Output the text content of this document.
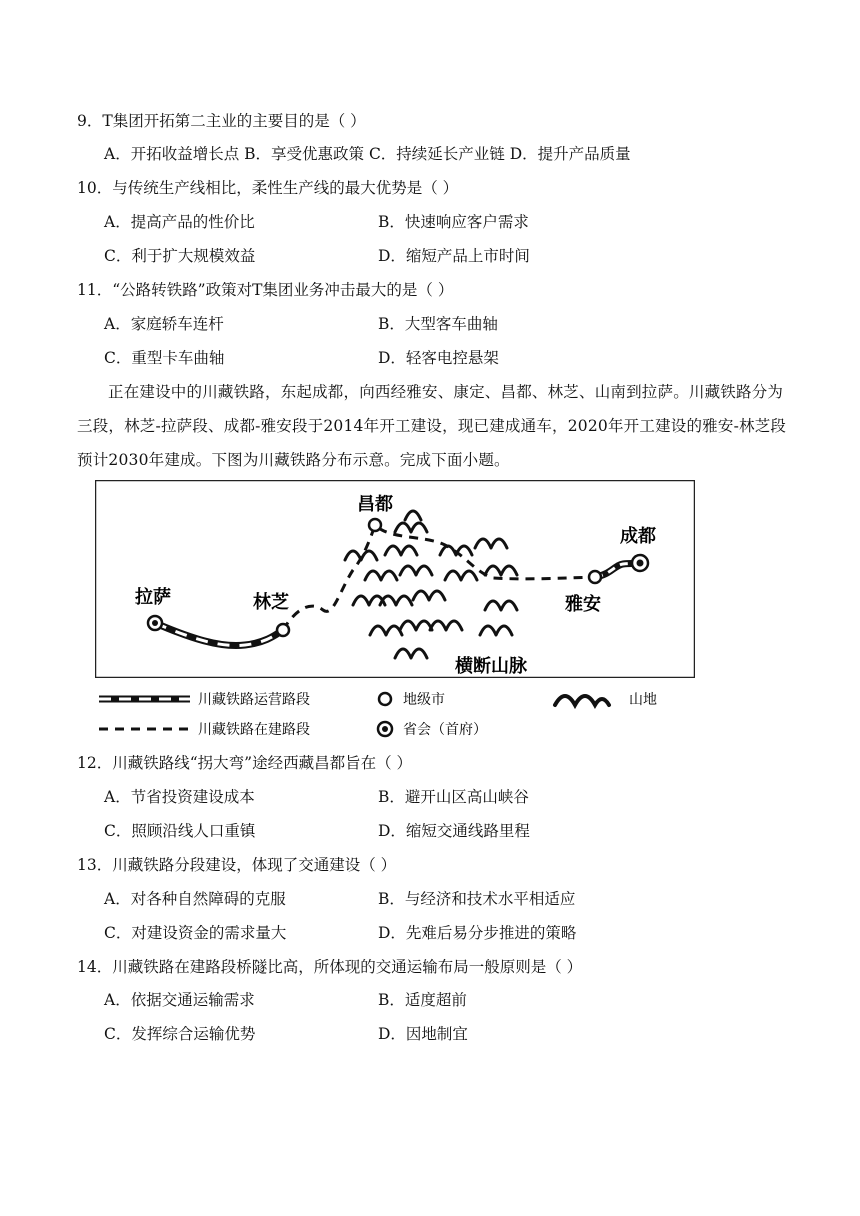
9．T集团开拓第二主业的主要目的是（ ）
A．开拓收益增长点 B．享受优惠政策 C．持续延长产业链 D．提升产品质量
10．与传统生产线相比，柔性生产线的最大优势是（ ）
A．提高产品的性价比	B．快速响应客户需求
C．利于扩大规模效益	D．缩短产品上市时间
11．“公路转铁路”政策对T集团业务冲击最大的是（ ）
A．家庭轿车连杆	B．大型客车曲轴
C．重型卡车曲轴	D．轻客电控悬架
正在建设中的川藏铁路，东起成都，向西经雅安、康定、昌都、林芝、山南到拉萨。川藏铁路分为三段，林芝-拉萨段、成都-雅安段于2014年开工建设，现已建成通车，2020年开工建设的雅安-林芝段预计2030年建成。下图为川藏铁路分布示意。完成下面小题。
拉萨	林芝
昌都
成都
雅安
横断山脉
川藏铁路运营路段
川藏铁路在建路段
地级市
省会（首府）
山地
12．川藏铁路线“拐大弯”途经西藏昌都旨在（ ）
A．节省投资建设成本	B．避开山区高山峡谷
C．照顾沿线人口重镇	D．缩短交通线路里程
13．川藏铁路分段建设，体现了交通建设（ ）
A．对各种自然障碍的克服	B．与经济和技术水平相适应
C．对建设资金的需求量大	D．先难后易分步推进的策略
14．川藏铁路在建路段桥隧比高，所体现的交通运输布局一般原则是（ ）
A．依据交通运输需求	B．适度超前
C．发挥综合运输优势	D．因地制宜
